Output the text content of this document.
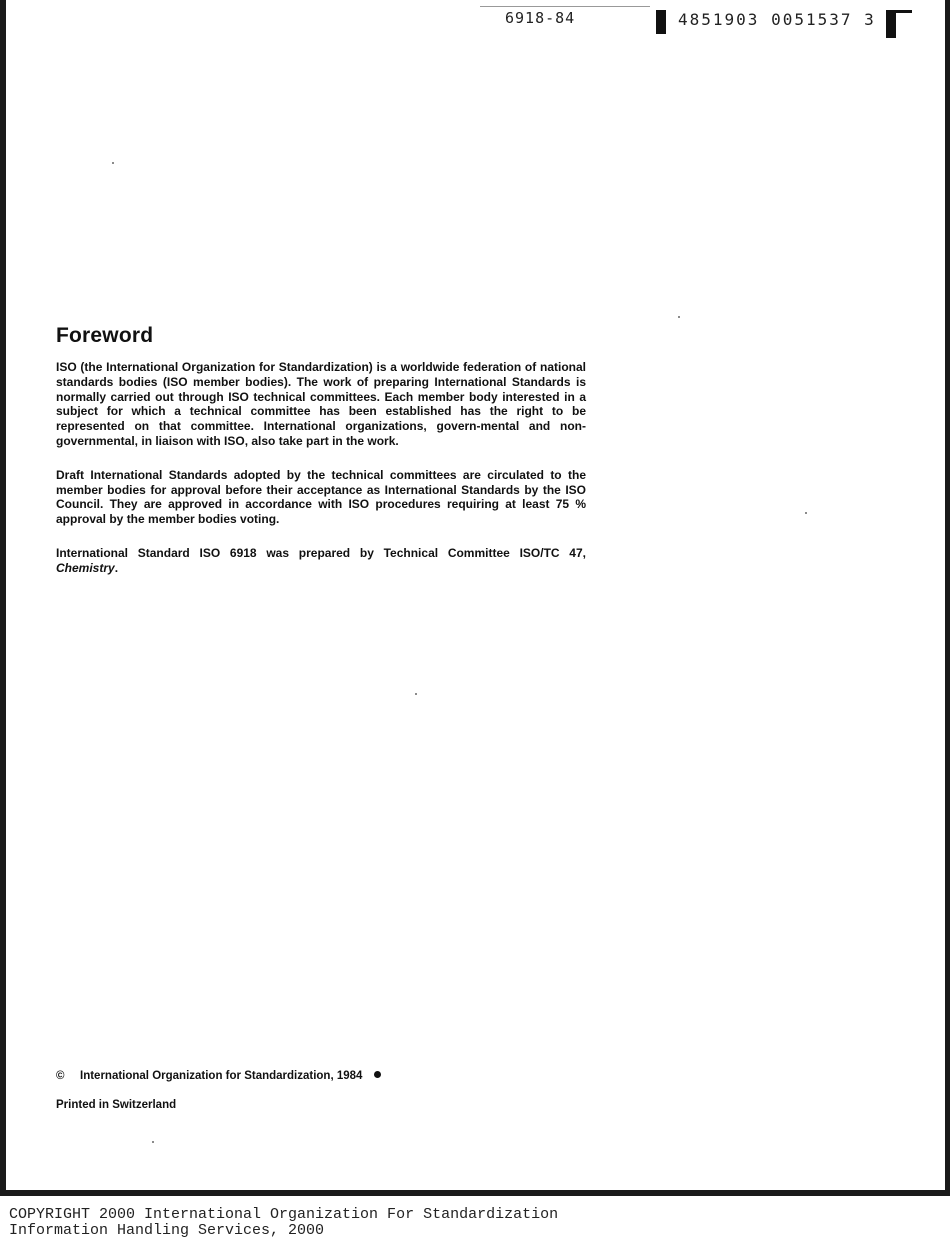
6918-84	4851903 0051537 3
Foreword

ISO (the International Organization for Standardization) is a worldwide federation of national standards bodies (ISO member bodies). The work of preparing International Standards is normally carried out through ISO technical committees. Each member body interested in a subject for which a technical committee has been established has the right to be represented on that committee. International organizations, govern-mental and non-governmental, in liaison with ISO, also take part in the work.

Draft International Standards adopted by the technical committees are circulated to the member bodies for approval before their acceptance as International Standards by the ISO Council. They are approved in accordance with ISO procedures requiring at least 75 % approval by the member bodies voting.

International Standard ISO 6918 was prepared by Technical Committee ISO/TC 47, Chemistry.

© International Organization for Standardization, 1984
Printed in Switzerland
COPYRIGHT 2000 International Organization For Standardization
Information Handling Services, 2000
